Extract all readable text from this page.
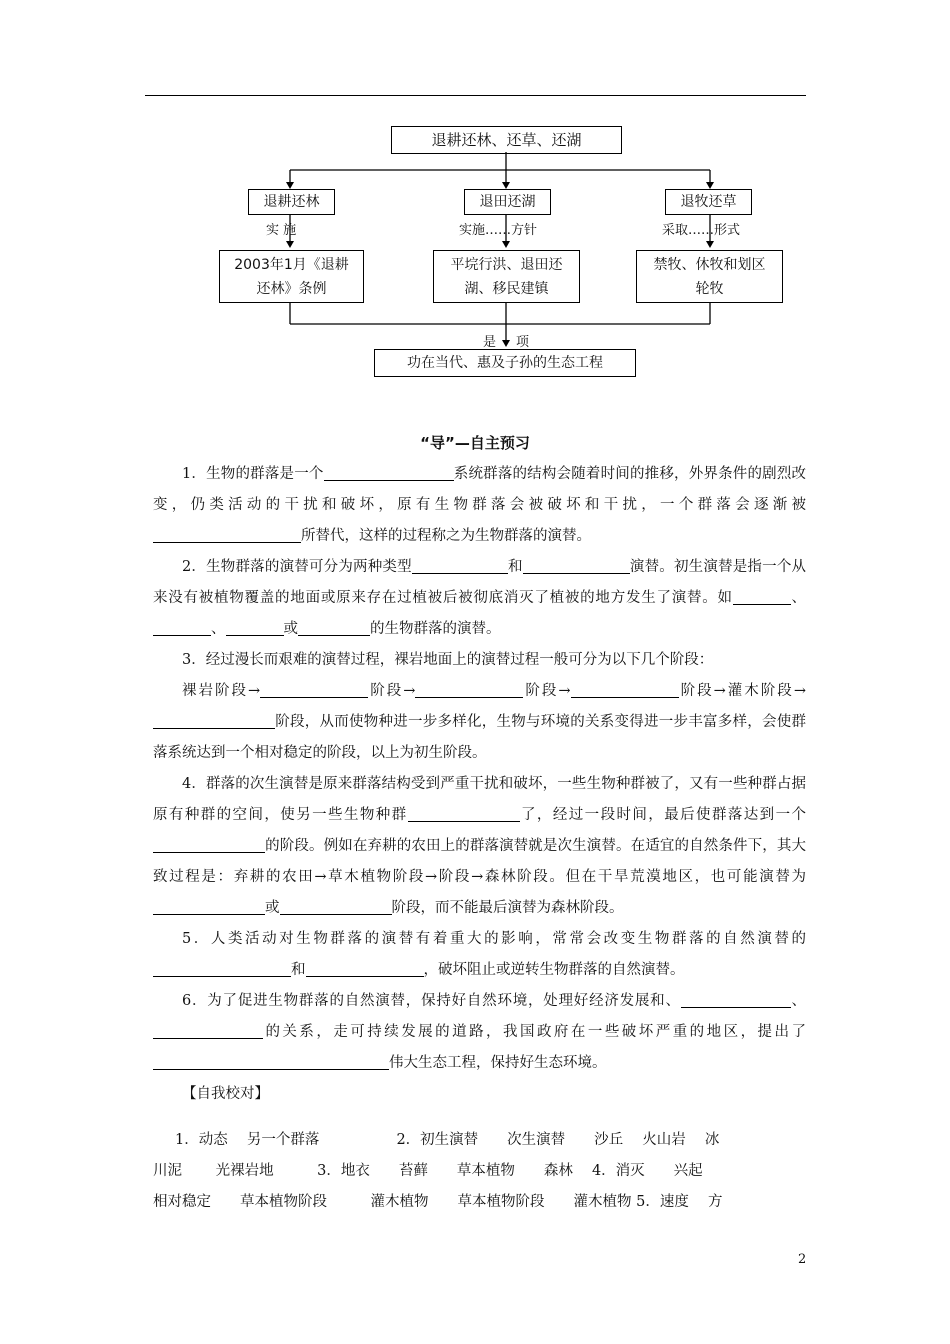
退耕还林、还草、还湖
退耕还林	退田还湖	退牧还草
实 施	实施……方针	采取……形式
2003年1月《退耕还林》条例
平垸行洪、退田还湖、移民建镇
禁牧、休牧和划区轮牧
是 项
功在当代、惠及子孙的生态工程
“导”—自主预习

1．生物的群落是一个	系统群落的结构会随着时间的推移，外界条件的剧烈改变，仍类活动的干扰和破坏，原有生物群落会被破坏和干扰，一个群落会逐渐被所替代，这样的过程称之为生物群落的演替。

2．生物群落的演替可分为两种类型	和	演替。初生演替是指一个从来没有被植物覆盖的地面或原来存在过植被后被彻底消灭了植被的地方发生了演替。如	、、	或	的生物群落的演替。

3．经过漫长而艰难的演替过程，裸岩地面上的演替过程一般可分为以下几个阶段：

裸岩阶段→	阶段→	阶段→	阶段→灌木阶段→阶段，从而使物种进一步多样化，生物与环境的关系变得进一步丰富多样，会使群落系统达到一个相对稳定的阶段，以上为初生阶段。

4．群落的次生演替是原来群落结构受到严重干扰和破坏，一些生物种群被了，又有一些种群占据原有种群的空间，使另一些生物种群	了，经过一段时间，最后使群落达到一个的阶段。例如在弃耕的农田上的群落演替就是次生演替。在适宜的自然条件下，其大致过程是：弃耕的农田→草木植物阶段→阶段→森林阶段。但在干旱荒漠地区，也可能演替为或	阶段，而不能最后演替为森林阶段。

5．人类活动对生物群落的演替有着重大的影响，常常会改变生物群落的自然演替的和	，破坏阻止或逆转生物群落的自然演替。

6．为了促进生物群落的自然演替，保持好自然环境，处理好经济发展和、	、的关系，走可持续发展的道路，我国政府在一些破坏严重的地区，提出了伟大生态工程，保持好生态环境。

【自我校对】

1．动态　 另一个群落　　　　　 2．初生演替　　次生演替　　沙丘　 火山岩　 冰
川泥　　 光裸岩地　　　3．地衣　　苔藓　　草本植物　　森林　 4．消灭　　兴起
相对稳定　　草本植物阶段　　　灌木植物　　草本植物阶段　　灌木植物 5．速度　 方
2
